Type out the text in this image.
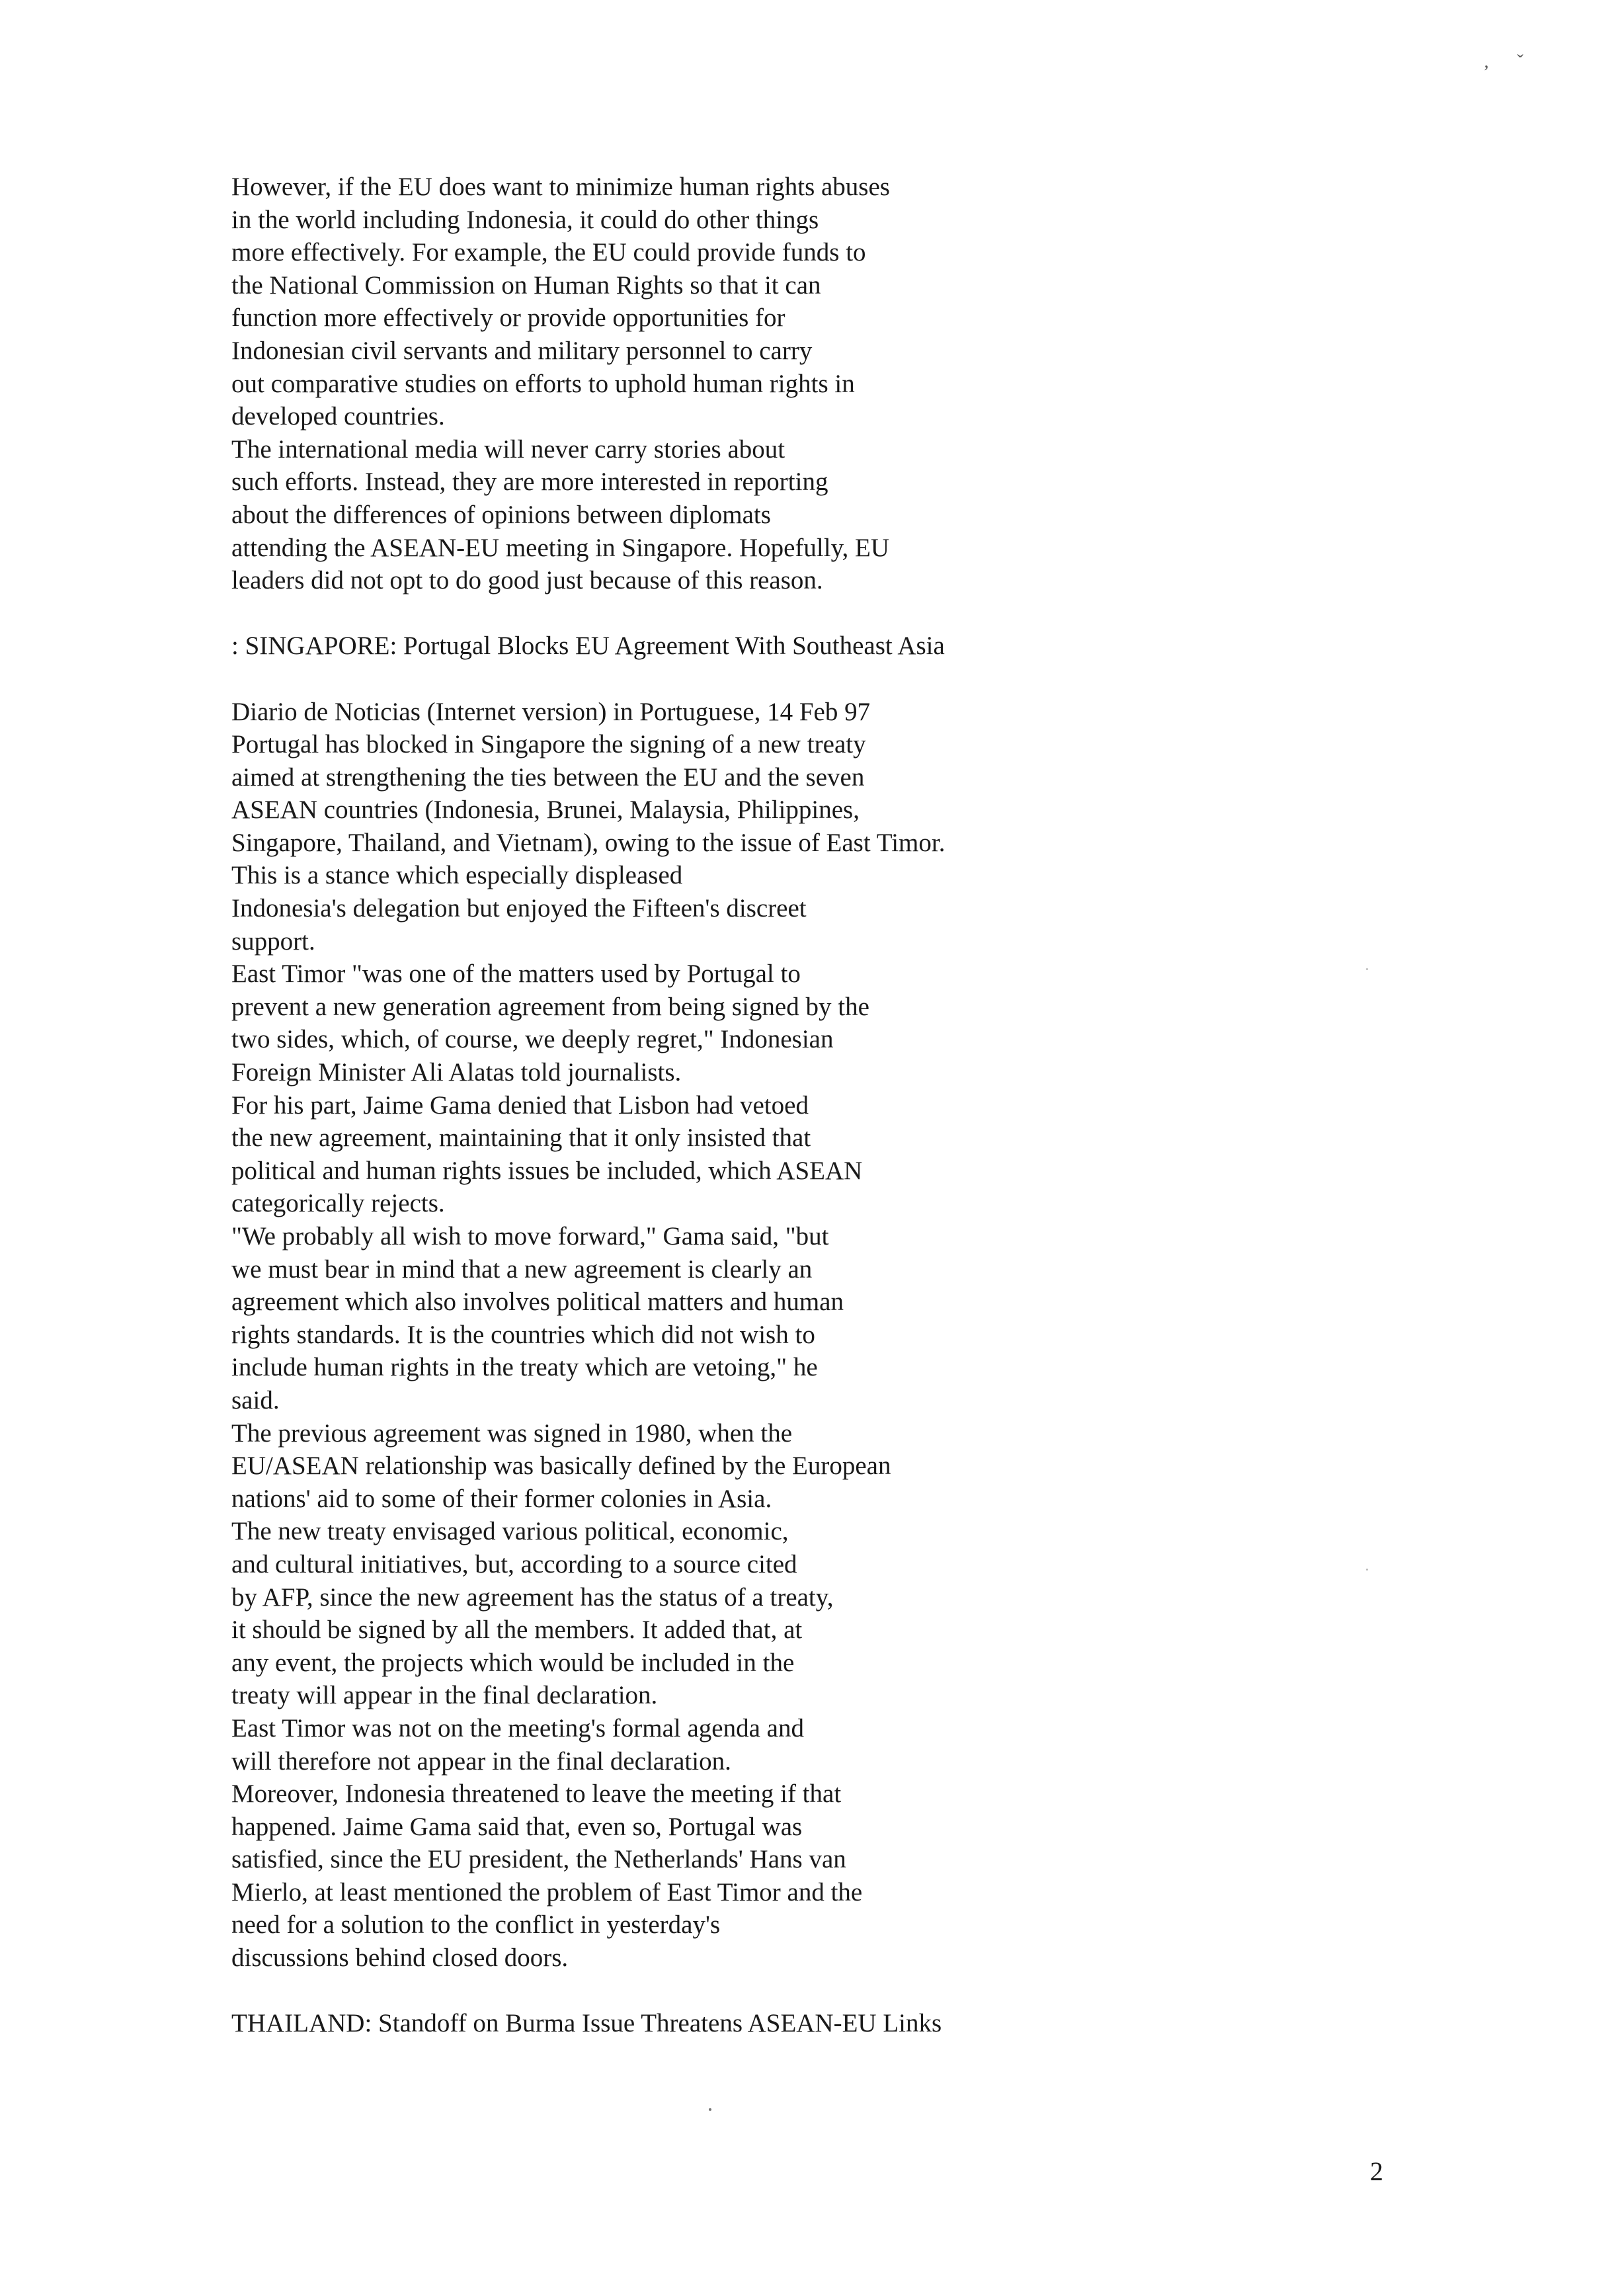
, ˇ
However, if the EU does want to minimize human rights abuses
in the world including Indonesia, it could do other things
more effectively. For example, the EU could provide funds to
the National Commission on Human Rights so that it can
function more effectively or provide opportunities for
Indonesian civil servants and military personnel to carry
out comparative studies on efforts to uphold human rights in
developed countries.
The international media will never carry stories about
such efforts. Instead, they are more interested in reporting
about the differences of opinions between diplomats
attending the ASEAN-EU meeting in Singapore. Hopefully, EU
leaders did not opt to do good just because of this reason.
: SINGAPORE: Portugal Blocks EU Agreement With Southeast Asia
Diario de Noticias (Internet version) in Portuguese, 14 Feb 97
Portugal has blocked in Singapore the signing of a new treaty
aimed at strengthening the ties between the EU and the seven
ASEAN countries (Indonesia, Brunei, Malaysia, Philippines,
Singapore, Thailand, and Vietnam), owing to the issue of East Timor.
This is a stance which especially displeased
Indonesia's delegation but enjoyed the Fifteen's discreet
support.
East Timor "was one of the matters used by Portugal to
prevent a new generation agreement from being signed by the
two sides, which, of course, we deeply regret," Indonesian
Foreign Minister Ali Alatas told journalists.
For his part, Jaime Gama denied that Lisbon had vetoed
the new agreement, maintaining that it only insisted that
political and human rights issues be included, which ASEAN
categorically rejects.
"We probably all wish to move forward," Gama said, "but
we must bear in mind that a new agreement is clearly an
agreement which also involves political matters and human
rights standards. It is the countries which did not wish to
include human rights in the treaty which are vetoing," he
said.
The previous agreement was signed in 1980, when the
EU/ASEAN relationship was basically defined by the European
nations' aid to some of their former colonies in Asia.
The new treaty envisaged various political, economic,
and cultural initiatives, but, according to a source cited
by AFP, since the new agreement has the status of a treaty,
it should be signed by all the members. It added that, at
any event, the projects which would be included in the
treaty will appear in the final declaration.
East Timor was not on the meeting's formal agenda and
will therefore not appear in the final declaration.
Moreover, Indonesia threatened to leave the meeting if that
happened. Jaime Gama said that, even so, Portugal was
satisfied, since the EU president, the Netherlands' Hans van
Mierlo, at least mentioned the problem of East Timor and the
need for a solution to the conflict in yesterday's
discussions behind closed doors.
THAILAND: Standoff on Burma Issue Threatens ASEAN-EU Links
2
